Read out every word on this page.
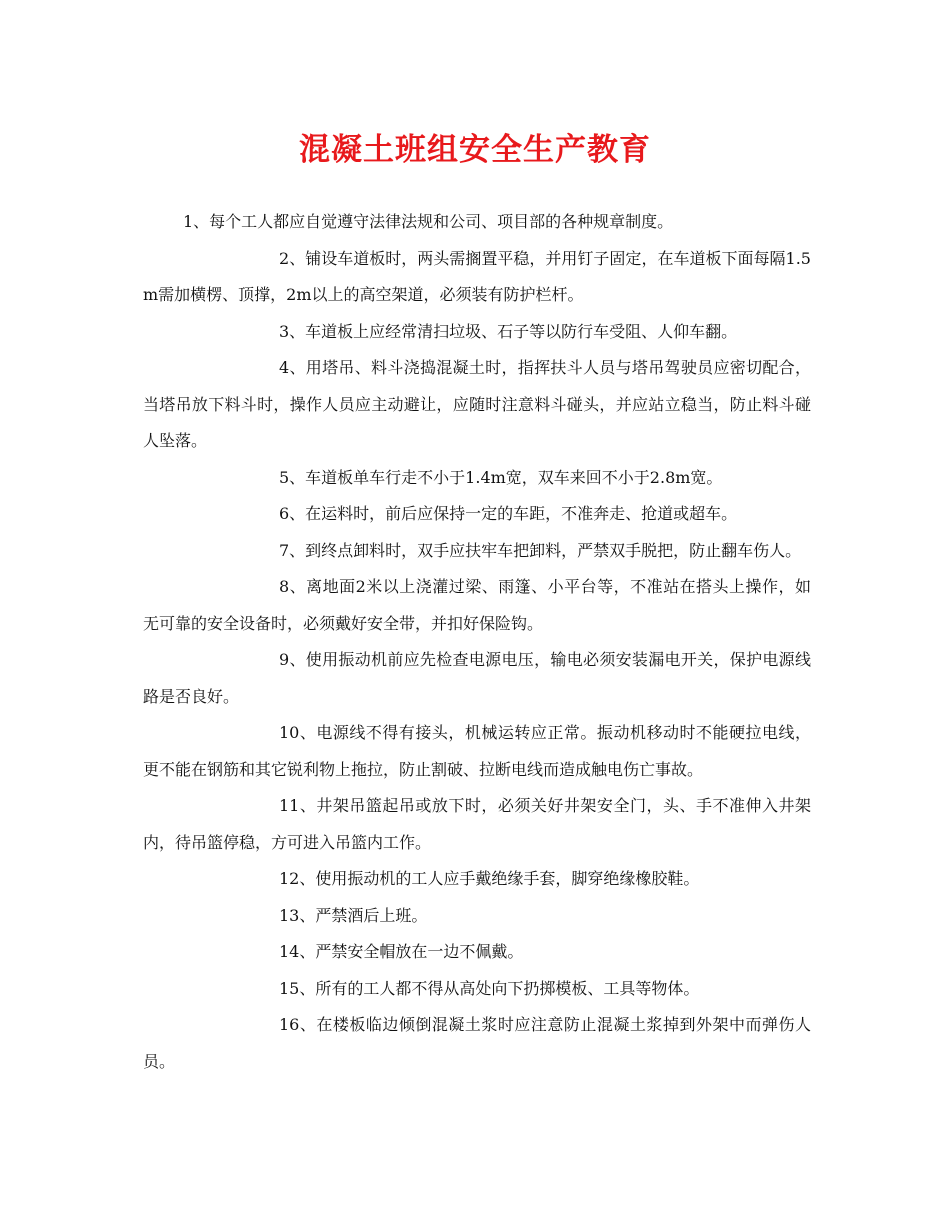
混凝土班组安全生产教育

1、每个工人都应自觉遵守法律法规和公司、项目部的各种规章制度。

2、铺设车道板时，两头需搁置平稳，并用钉子固定，在车道板下面每隔1.5m需加横楞、顶撑，2m以上的高空架道，必须装有防护栏杆。

3、车道板上应经常清扫垃圾、石子等以防行车受阻、人仰车翻。

4、用塔吊、料斗浇捣混凝土时，指挥扶斗人员与塔吊驾驶员应密切配合，当塔吊放下料斗时，操作人员应主动避让，应随时注意料斗碰头，并应站立稳当，防止料斗碰人坠落。

5、车道板单车行走不小于1.4m宽，双车来回不小于2.8m宽。

6、在运料时，前后应保持一定的车距，不准奔走、抢道或超车。

7、到终点卸料时，双手应扶牢车把卸料，严禁双手脱把，防止翻车伤人。

8、离地面2米以上浇灌过梁、雨篷、小平台等，不准站在搭头上操作，如无可靠的安全设备时，必须戴好安全带，并扣好保险钩。

9、使用振动机前应先检查电源电压，输电必须安装漏电开关，保护电源线路是否良好。

10、电源线不得有接头，机械运转应正常。振动机移动时不能硬拉电线，更不能在钢筋和其它锐利物上拖拉，防止割破、拉断电线而造成触电伤亡事故。

11、井架吊篮起吊或放下时，必须关好井架安全门，头、手不准伸入井架内，待吊篮停稳，方可进入吊篮内工作。

12、使用振动机的工人应手戴绝缘手套，脚穿绝缘橡胶鞋。

13、严禁酒后上班。

14、严禁安全帽放在一边不佩戴。

15、所有的工人都不得从高处向下扔掷模板、工具等物体。

16、在楼板临边倾倒混凝土浆时应注意防止混凝土浆掉到外架中而弹伤人员。
